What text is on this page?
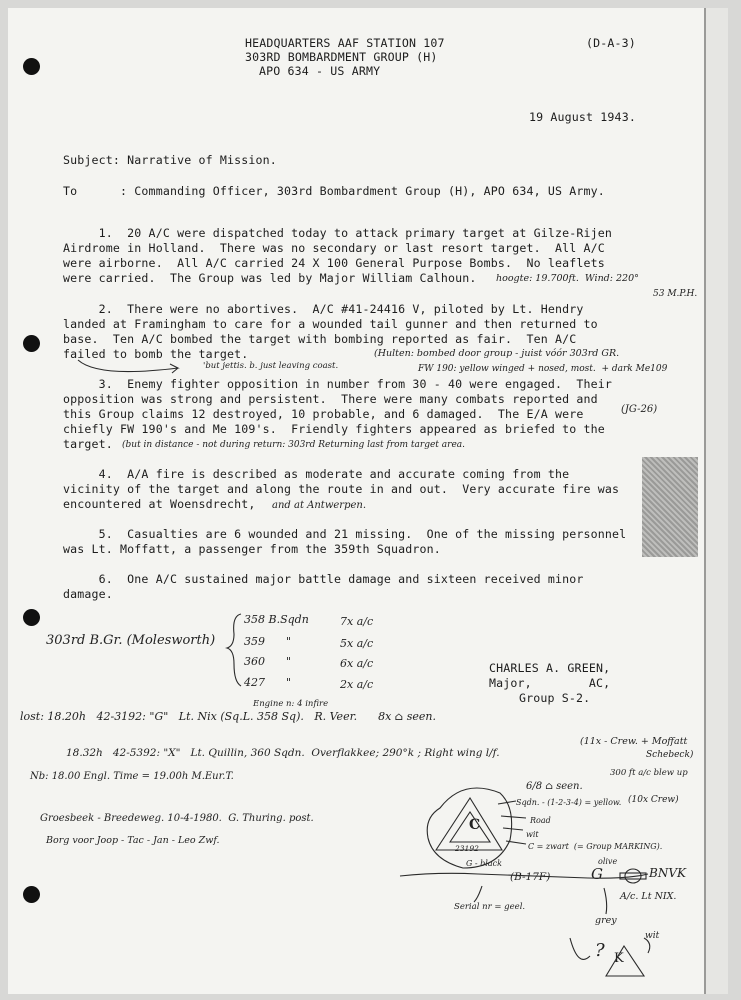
HEADQUARTERS AAF STATION 107
303RD BOMBARDMENT GROUP (H)
APO 634 - US ARMY
(D-A-3)
19 August 1943.
Subject: Narrative of Mission.
To      : Commanding Officer, 303rd Bombardment Group (H), APO 634, US Army.
1.  20 A/C were dispatched today to attack primary target at Gilze-Rijen
Airdrome in Holland.  There was no secondary or last resort target.  All A/C
were airborne.  All A/C carried 24 X 100 General Purpose Bombs.  No leaflets
were carried.  The Group was led by Major William Calhoun.
2.  There were no abortives.  A/C #41-24416 V, piloted by Lt. Hendry
landed at Framingham to care for a wounded tail gunner and then returned to
base.  Ten A/C bombed the target with bombing reported as fair.  Ten A/C
failed to bomb the target.
3.  Enemy fighter opposition in number from 30 - 40 were engaged.  Their
opposition was strong and persistent.  There were many combats reported and
this Group claims 12 destroyed, 10 probable, and 6 damaged.  The E/A were
chiefly FW 190's and Me 109's.  Friendly fighters appeared as briefed to the
target.
4.  A/A fire is described as moderate and accurate coming from the
vicinity of the target and along the route in and out.  Very accurate fire was
encountered at Woensdrecht,
5.  Casualties are 6 wounded and 21 missing.  One of the missing personnel
was Lt. Moffatt, a passenger from the 359th Squadron.
6.  One A/C sustained major battle damage and sixteen received minor
damage.
CHARLES A. GREEN,
Major,        AC,
Group S-2.
hoogte: 19.700ft.  Wind: 220°
53 M.P.H.
(Hulten: bombed door group - juist vóór 303rd GR.
FW 190: yellow winged + nosed, most.  + dark Me109
'but jettis. b. just leaving coast.
(JG-26)
(but in distance - not during return: 303rd Returning last from target area.
and at Antwerpen.
303rd B.Gr. (Molesworth)
358 B.Sqdn	7x a/c
359      "	5x a/c
360      "	6x a/c
427      "	2x a/c
Engine n: 4 infire
lost: 18.20h   42-3192: "G"   Lt. Nix (Sq.L. 358 Sq).   R. Veer.      8x ⌂ seen.
(11x - Crew. + Moffatt
Schebeck)
18.32h   42-5392: "X"   Lt. Quillin, 360 Sqdn.  Overflakkee; 290°k ; Right wing l/f.
6/8 ⌂ seen.
300 ft a/c blew up
(10x Crew)
Nb: 18.00 Engl. Time = 19.00h M.Eur.T.
Groesbeek - Breedeweg. 10-4-1980.  G. Thuring. post.
Borg voor Joop - Tac - Jan - Leo Zwf.
Sqdn. - (1-2-3-4) = yellow.
Road
wit
C = zwart  (= Group MARKING).
olive
G - black
(B-17F)	G	BNVK
A/c. Lt NIX.
grey
Serial nr = geel.
wit
C
K
?
23192
